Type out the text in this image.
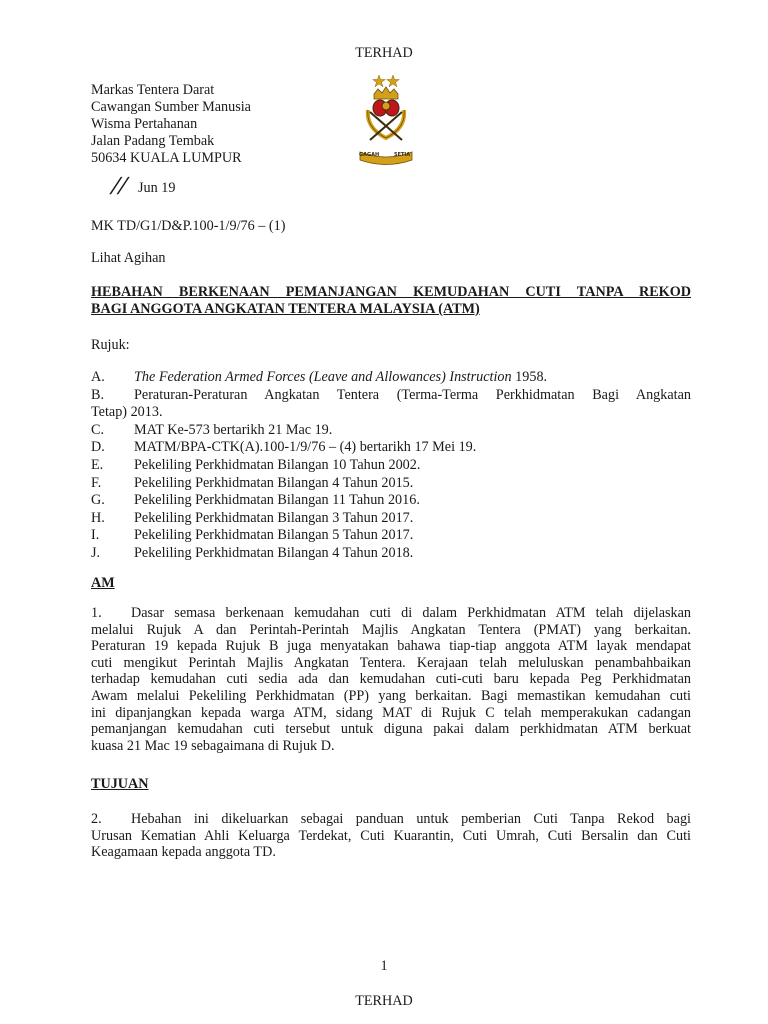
TERHAD
Markas Tentera Darat
Cawangan Sumber Manusia
Wisma Pertahanan
Jalan Padang Tembak
50634 KUALA LUMPUR	GAGAH	SETIA
// Jun 19
MK TD/G1/D&P.100-1/9/76 – (1)
Lihat Agihan
HEBAHAN BERKENAAN PEMANJANGAN KEMUDAHAN CUTI TANPA REKOD
BAGI ANGGOTA ANGKATAN TENTERA MALAYSIA (ATM)
Rujuk:
A. The Federation Armed Forces (Leave and Allowances) Instruction 1958.
B. Peraturan-Peraturan Angkatan Tentera (Terma-Terma Perkhidmatan Bagi Angkatan
Tetap) 2013.
C. MAT Ke-573 bertarikh 21 Mac 19.
D. MATM/BPA-CTK(A).100-1/9/76 – (4) bertarikh 17 Mei 19.
E. Pekeliling Perkhidmatan Bilangan 10 Tahun 2002.
F. Pekeliling Perkhidmatan Bilangan 4 Tahun 2015.
G. Pekeliling Perkhidmatan Bilangan 11 Tahun 2016.
H. Pekeliling Perkhidmatan Bilangan 3 Tahun 2017.
I. Pekeliling Perkhidmatan Bilangan 5 Tahun 2017.
J. Pekeliling Perkhidmatan Bilangan 4 Tahun 2018.
AM
1. Dasar semasa berkenaan kemudahan cuti di dalam Perkhidmatan ATM telah dijelaskan
melalui Rujuk A dan Perintah-Perintah Majlis Angkatan Tentera (PMAT) yang berkaitan.
Peraturan 19 kepada Rujuk B juga menyatakan bahawa tiap-tiap anggota ATM layak mendapat
cuti mengikut Perintah Majlis Angkatan Tentera. Kerajaan telah meluluskan penambahbaikan
terhadap kemudahan cuti sedia ada dan kemudahan cuti-cuti baru kepada Peg Perkhidmatan
Awam melalui Pekeliling Perkhidmatan (PP) yang berkaitan. Bagi memastikan kemudahan cuti
ini dipanjangkan kepada warga ATM, sidang MAT di Rujuk C telah memperakukan cadangan
pemanjangan kemudahan cuti tersebut untuk diguna pakai dalam perkhidmatan ATM berkuat
kuasa 21 Mac 19 sebagaimana di Rujuk D.
TUJUAN
2. Hebahan ini dikeluarkan sebagai panduan untuk pemberian Cuti Tanpa Rekod bagi
Urusan Kematian Ahli Keluarga Terdekat, Cuti Kuarantin, Cuti Umrah, Cuti Bersalin dan Cuti
Keagamaan kepada anggota TD.
1
TERHAD
